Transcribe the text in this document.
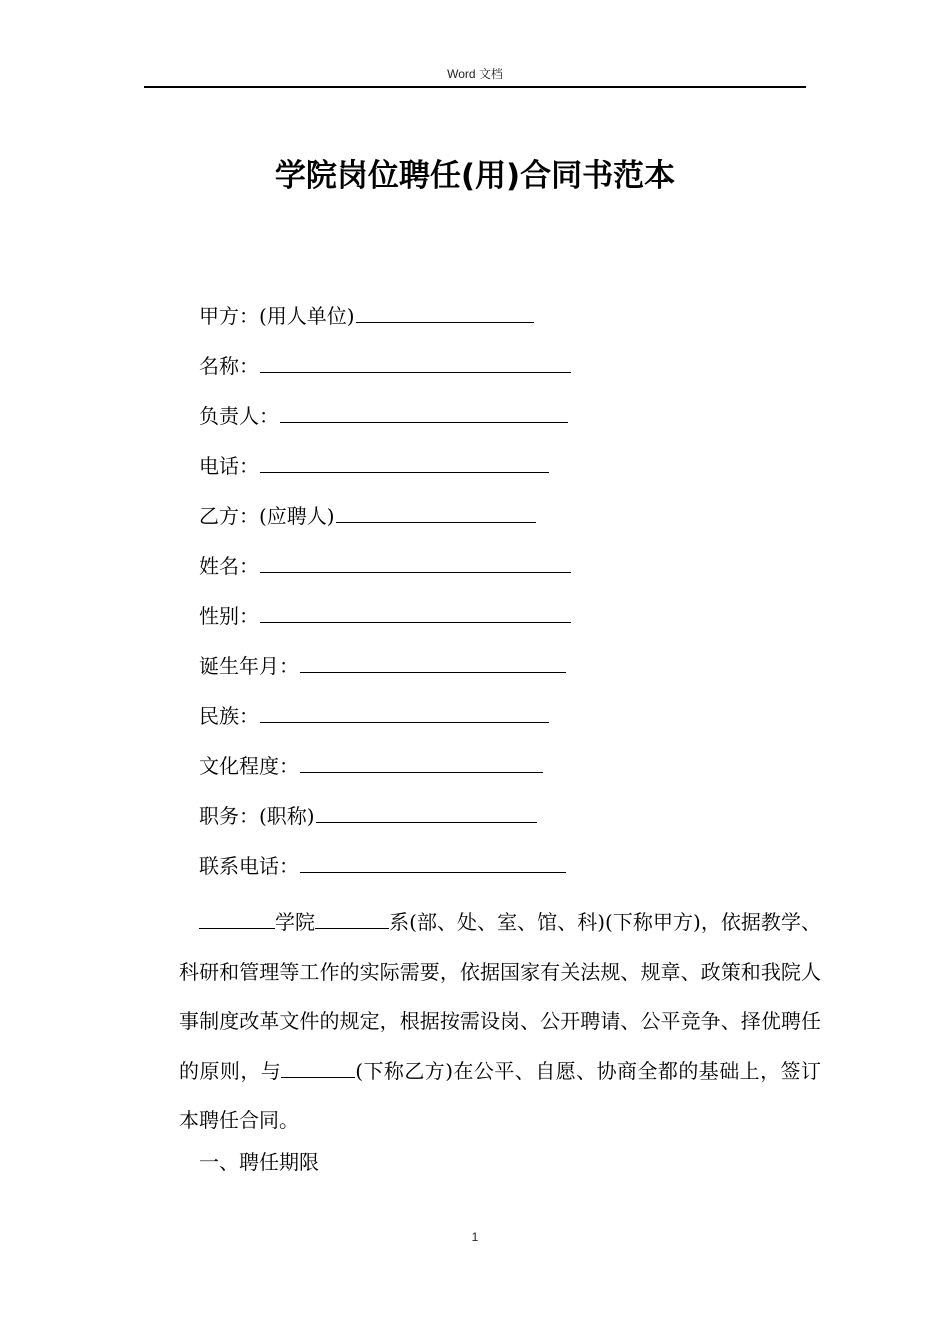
Word 文档
学院岗位聘任(用)合同书范本
甲方：(用人单位)
名称：
负责人：
电话：
乙方：(应聘人)
姓名：
性别：
诞生年月：
民族：
文化程度：
职务：(职称)
联系电话：

学院	系(部、处、室、馆、科)(下称甲方)，依据教学、科研和管理等工作的实际需要，依据国家有关法规、规章、政策和我院人事制度改革文件的规定，根据按需设岗、公开聘请、公平竞争、择优聘任的原则，与	(下称乙方)在公平、自愿、协商全都的基础上，签订本聘任合同。

一、聘任期限
1
